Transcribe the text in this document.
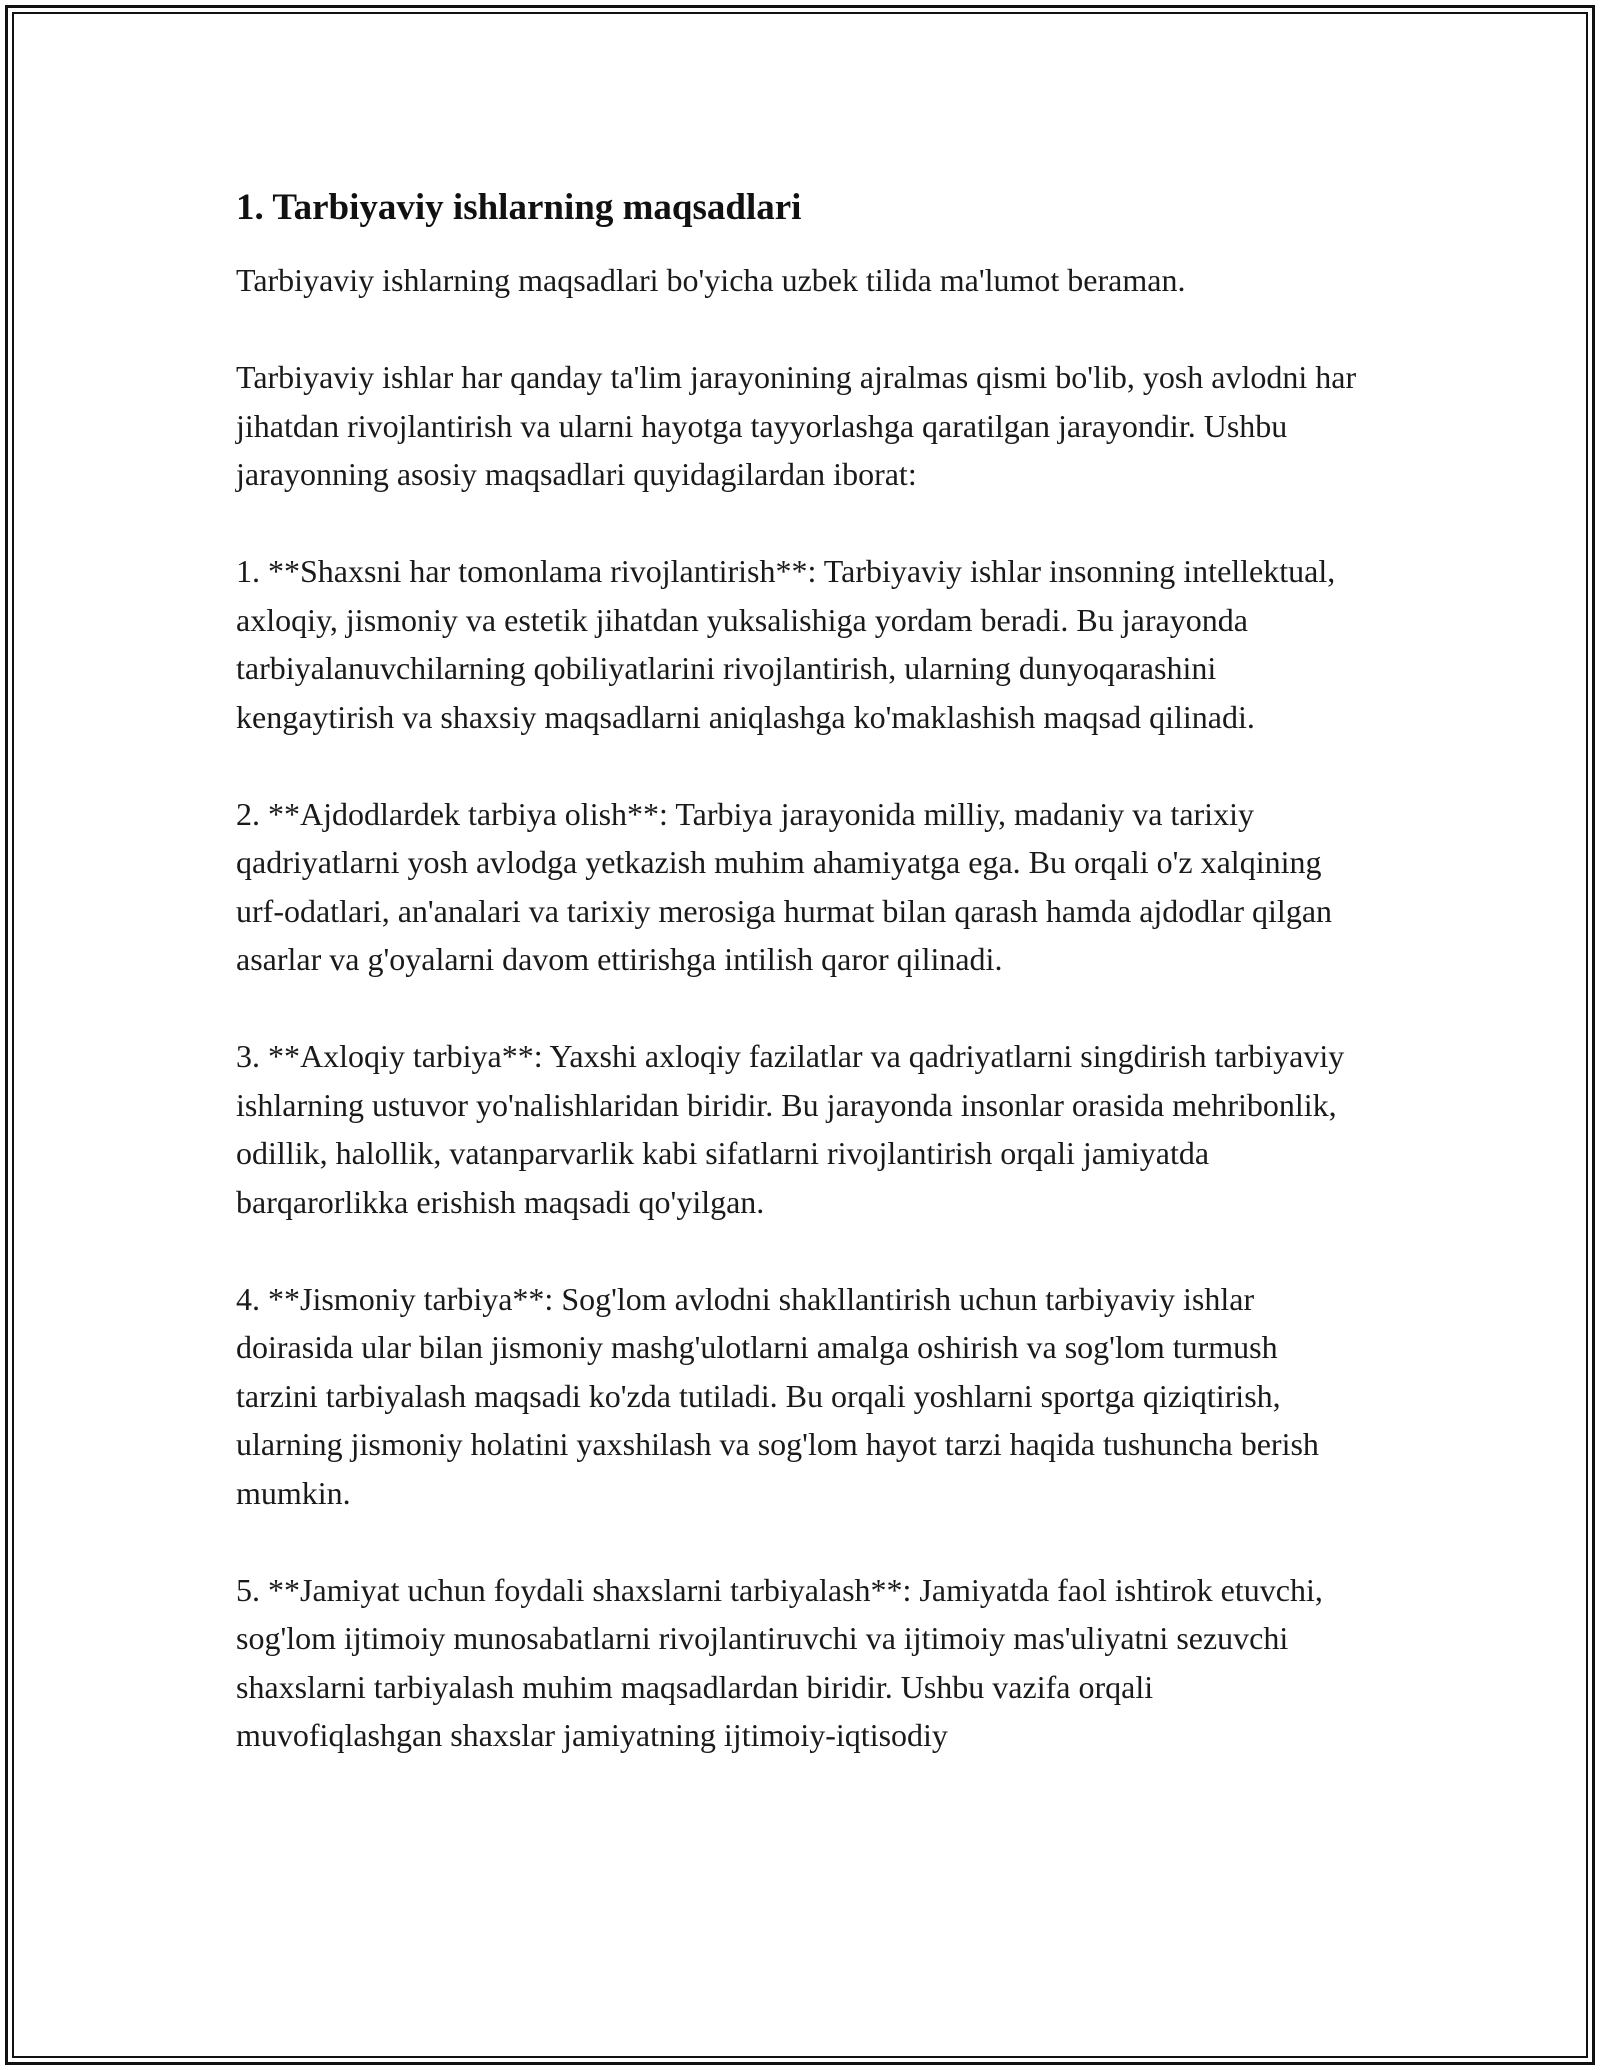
1. Tarbiyaviy ishlarning maqsadlari

Tarbiyaviy ishlarning maqsadlari bo'yicha uzbek tilida ma'lumot beraman.

Tarbiyaviy ishlar har qanday ta'lim jarayonining ajralmas qismi bo'lib, yosh avlodni har jihatdan rivojlantirish va ularni hayotga tayyorlashga qaratilgan jarayondir. Ushbu jarayonning asosiy maqsadlari quyidagilardan iborat:

1. **Shaxsni har tomonlama rivojlantirish**: Tarbiyaviy ishlar insonning intellektual, axloqiy, jismoniy va estetik jihatdan yuksalishiga yordam beradi. Bu jarayonda tarbiyalanuvchilarning qobiliyatlarini rivojlantirish, ularning dunyoqarashini kengaytirish va shaxsiy maqsadlarni aniqlashga ko'maklashish maqsad qilinadi.

2. **Ajdodlardek tarbiya olish**: Tarbiya jarayonida milliy, madaniy va tarixiy qadriyatlarni yosh avlodga yetkazish muhim ahamiyatga ega. Bu orqali o'z xalqining urf-odatlari, an'analari va tarixiy merosiga hurmat bilan qarash hamda ajdodlar qilgan asarlar va g'oyalarni davom ettirishga intilish qaror qilinadi.

3. **Axloqiy tarbiya**: Yaxshi axloqiy fazilatlar va qadriyatlarni singdirish tarbiyaviy ishlarning ustuvor yo'nalishlaridan biridir. Bu jarayonda insonlar orasida mehribonlik, odillik, halollik, vatanparvarlik kabi sifatlarni rivojlantirish orqali jamiyatda barqarorlikka erishish maqsadi qo'yilgan.

4. **Jismoniy tarbiya**: Sog'lom avlodni shakllantirish uchun tarbiyaviy ishlar doirasida ular bilan jismoniy mashg'ulotlarni amalga oshirish va sog'lom turmush tarzini tarbiyalash maqsadi ko'zda tutiladi. Bu orqali yoshlarni sportga qiziqtirish, ularning jismoniy holatini yaxshilash va sog'lom hayot tarzi haqida tushuncha berish mumkin.

5. **Jamiyat uchun foydali shaxslarni tarbiyalash**: Jamiyatda faol ishtirok etuvchi, sog'lom ijtimoiy munosabatlarni rivojlantiruvchi va ijtimoiy mas'uliyatni sezuvchi shaxslarni tarbiyalash muhim maqsadlardan biridir. Ushbu vazifa orqali muvofiqlashgan shaxslar jamiyatning ijtimoiy-iqtisodiy
